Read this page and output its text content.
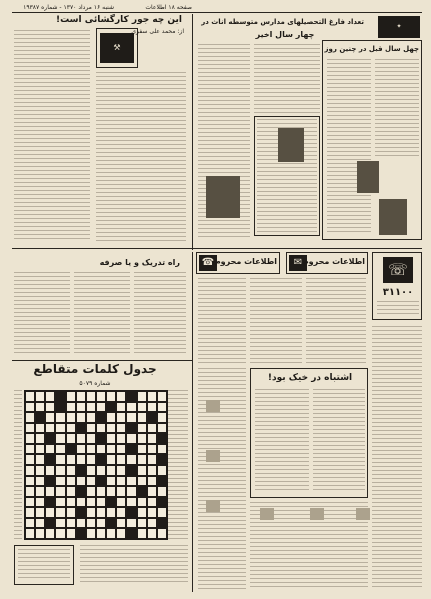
صفحه ۱۸ اطلاعات
شنبه ۱۶ مرداد ۱۳۷۰ - شماره ۱۹۳۸۷
این چه جور کارگشائی است!
⚒
از: محمد علی سفری
تعداد فارغ التحصیلهای مدارس متوسطه اناث در
چهار سال اخیر
✦
چهل سال قبل در چنین روز
راه تدریک و یا صرفه
جدول کلمات متقاطع
شماره ۵۰۷۹
☎ اطلاعات محروم	✉ اطلاعات محروم	☏
۳۱۱۰۰
اشتباه در خیک بود!
